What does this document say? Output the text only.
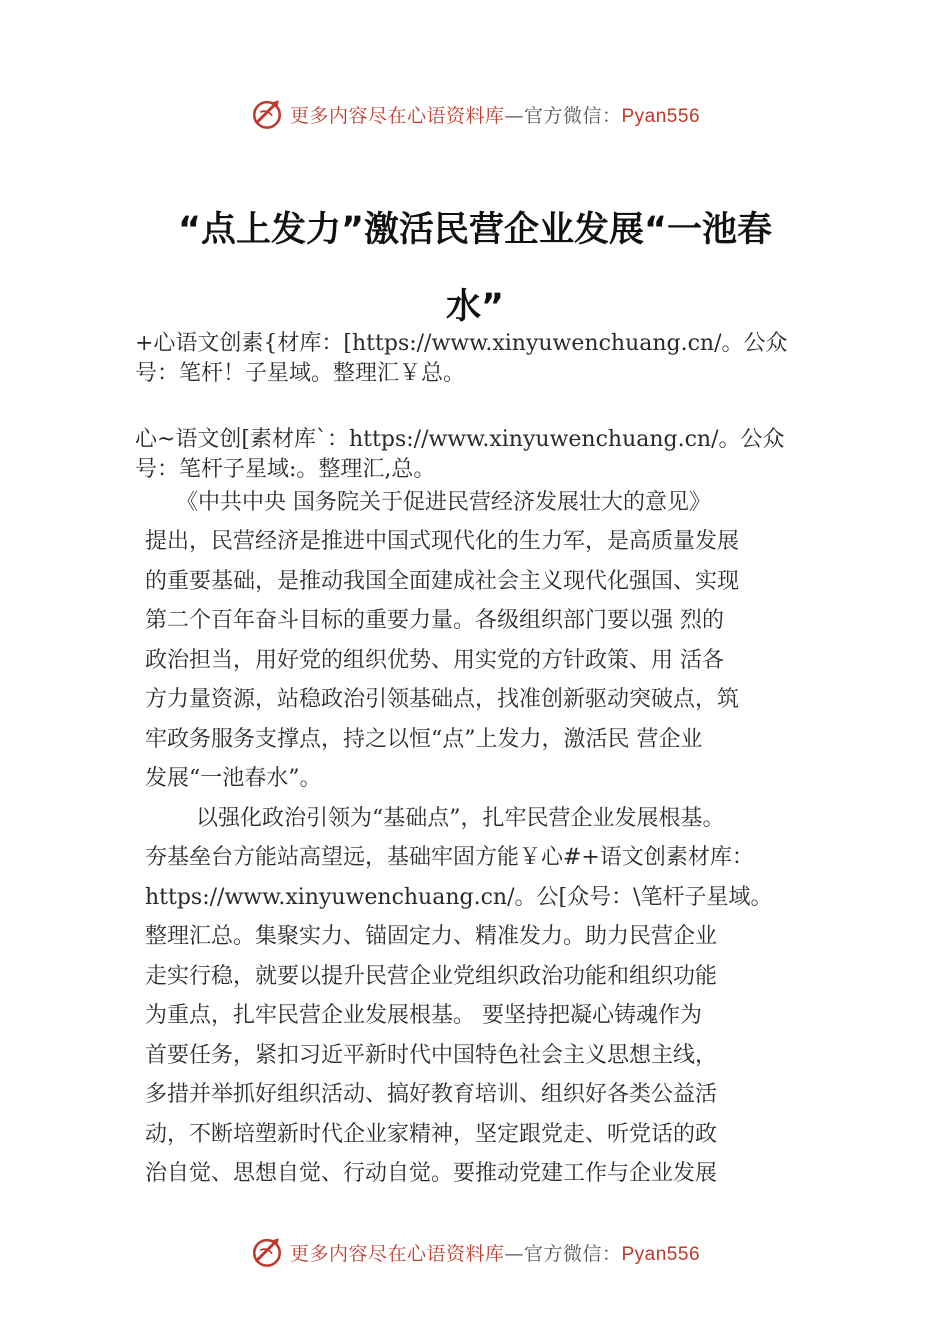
更多内容尽在心语资料库—官方微信：Pyan556
“点上发力”激活民营企业发展“一池春
水”

+心语文创素{材库：[https://www.xinyuwenchuang.cn/。公众

号：笔杆！子星域。整理汇￥总。

心~语文创[素材库`：https://www.xinyuwenchuang.cn/。公众

号：笔杆子星域:。整理汇,总。

《中共中央 国务院关于促进民营经济发展壮大的意见》

提出，民营经济是推进中国式现代化的生力军，是高质量发展

的重要基础，是推动我国全面建成社会主义现代化强国、实现

第二个百年奋斗目标的重要力量。各级组织部门要以强 烈的

政治担当，用好党的组织优势、用实党的方针政策、用 活各

方力量资源，站稳政治引领基础点，找准创新驱动突破点，筑

牢政务服务支撑点，持之以恒“点”上发力，激活民 营企业

发展“一池春水”。

以强化政治引领为“基础点”，扎牢民营企业发展根基。

夯基垒台方能站高望远，基础牢固方能￥心#+语文创素材库：

https://www.xinyuwenchuang.cn/。公[众号：\笔杆子星域。

整理汇总。集聚实力、锚固定力、精准发力。助力民营企业

走实行稳，就要以提升民营企业党组织政治功能和组织功能

为重点，扎牢民营企业发展根基。 要坚持把凝心铸魂作为

首要任务，紧扣习近平新时代中国特色社会主义思想主线，

多措并举抓好组织活动、搞好教育培训、组织好各类公益活

动，不断培塑新时代企业家精神，坚定跟党走、听党话的政

治自觉、思想自觉、行动自觉。要推动党建工作与企业发展

更多内容尽在心语资料库—官方微信：Pyan556
